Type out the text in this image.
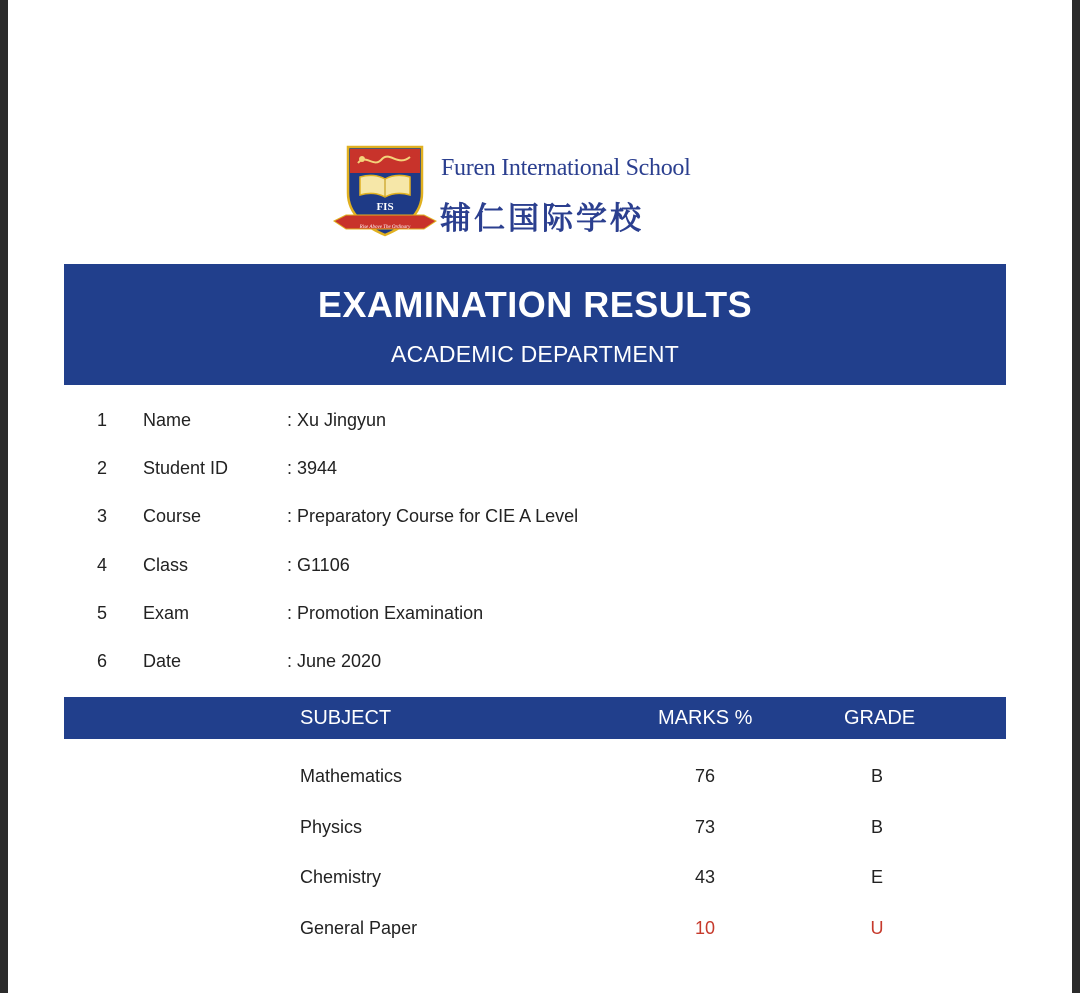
FIS
Rise Above The Ordinary
Furen International School
辅仁国际学校
EXAMINATION RESULTS
ACADEMIC DEPARTMENT
1 Name	: Xu Jingyun
2 Student ID	: 3944
3 Course	: Preparatory Course for CIE A Level
4 Class	: G1106
5 Exam	: Promotion Examination
6 Date	: June 2020
SUBJECT	MARKS %	GRADE
Mathematics	76	B
Physics	73	B
Chemistry	43	E
General Paper	10	U
